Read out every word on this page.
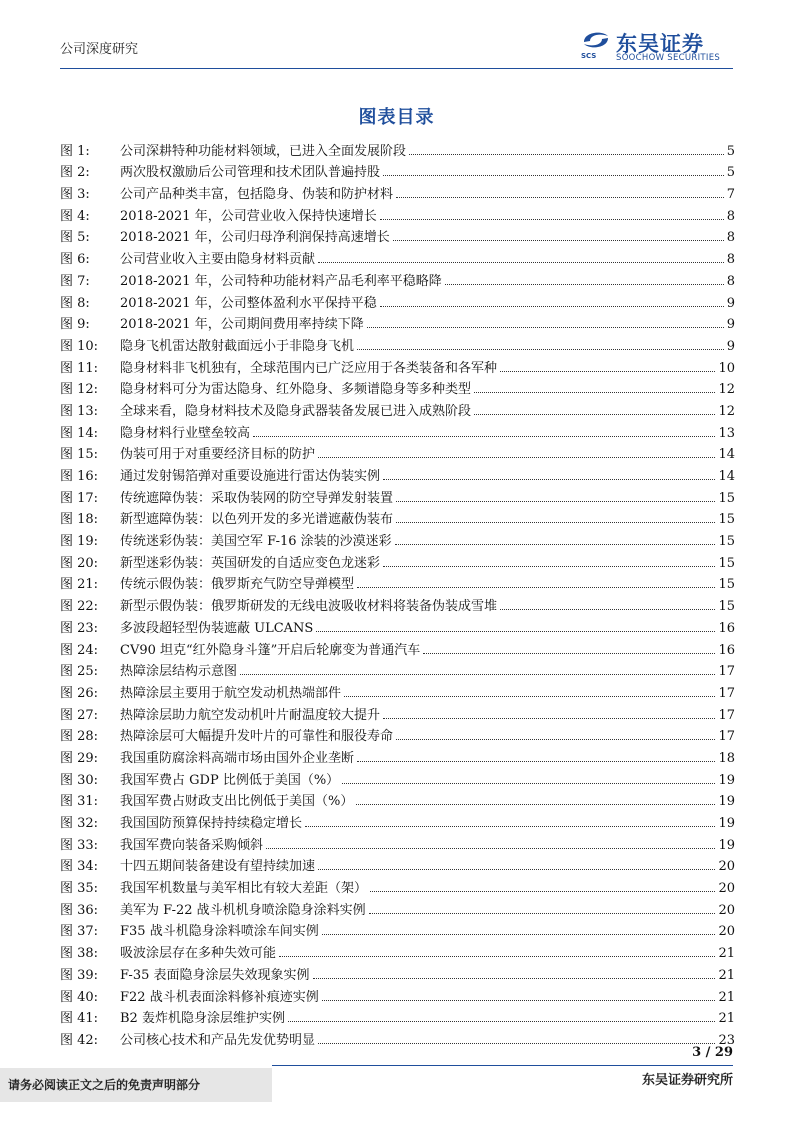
公司深度研究	SCS 东吴证券
SOOCHOW SECURITIES
图表目录
图 1:	公司深耕特种功能材料领域，已进入全面发展阶段	5
图 2:	两次股权激励后公司管理和技术团队普遍持股	5
图 3:	公司产品种类丰富，包括隐身、伪装和防护材料	7
图 4:	2018-2021 年，公司营业收入保持快速增长	8
图 5:	2018-2021 年，公司归母净利润保持高速增长	8
图 6:	公司营业收入主要由隐身材料贡献	8
图 7:	2018-2021 年，公司特种功能材料产品毛利率平稳略降	8
图 8:	2018-2021 年，公司整体盈利水平保持平稳	9
图 9:	2018-2021 年，公司期间费用率持续下降	9
图 10:	隐身飞机雷达散射截面远小于非隐身飞机	9
图 11:	隐身材料非飞机独有，全球范围内已广泛应用于各类装备和各军种	10
图 12:	隐身材料可分为雷达隐身、红外隐身、多频谱隐身等多种类型	12
图 13:	全球来看，隐身材料技术及隐身武器装备发展已进入成熟阶段	12
图 14:	隐身材料行业壁垒较高	13
图 15:	伪装可用于对重要经济目标的防护	14
图 16:	通过发射锡箔弹对重要设施进行雷达伪装实例	14
图 17:	传统遮障伪装：采取伪装网的防空导弹发射装置	15
图 18:	新型遮障伪装：以色列开发的多光谱遮蔽伪装布	15
图 19:	传统迷彩伪装：美国空军 F-16 涂装的沙漠迷彩	15
图 20:	新型迷彩伪装：英国研发的自适应变色龙迷彩	15
图 21:	传统示假伪装：俄罗斯充气防空导弹模型	15
图 22:	新型示假伪装：俄罗斯研发的无线电波吸收材料将装备伪装成雪堆	15
图 23:	多波段超轻型伪装遮蔽 ULCANS	16
图 24:	CV90 坦克“红外隐身斗篷”开启后轮廓变为普通汽车	16
图 25:	热障涂层结构示意图	17
图 26:	热障涂层主要用于航空发动机热端部件	17
图 27:	热障涂层助力航空发动机叶片耐温度较大提升	17
图 28:	热障涂层可大幅提升发叶片的可靠性和服役寿命	17
图 29:	我国重防腐涂料高端市场由国外企业垄断	18
图 30:	我国军费占 GDP 比例低于美国（%）	19
图 31:	我国军费占财政支出比例低于美国（%）	19
图 32:	我国国防预算保持持续稳定增长	19
图 33:	我国军费向装备采购倾斜	19
图 34:	十四五期间装备建设有望持续加速	20
图 35:	我国军机数量与美军相比有较大差距（架）	20
图 36:	美军为 F-22 战斗机机身喷涂隐身涂料实例	20
图 37:	F35 战斗机隐身涂料喷涂车间实例	20
图 38:	吸波涂层存在多种失效可能	21
图 39:	F-35 表面隐身涂层失效现象实例	21
图 40:	F22 战斗机表面涂料修补痕迹实例	21
图 41:	B2 轰炸机隐身涂层维护实例	21
图 42:	公司核心技术和产品先发优势明显	23
3 / 29
请务必阅读正文之后的免责声明部分	东吴证券研究所
